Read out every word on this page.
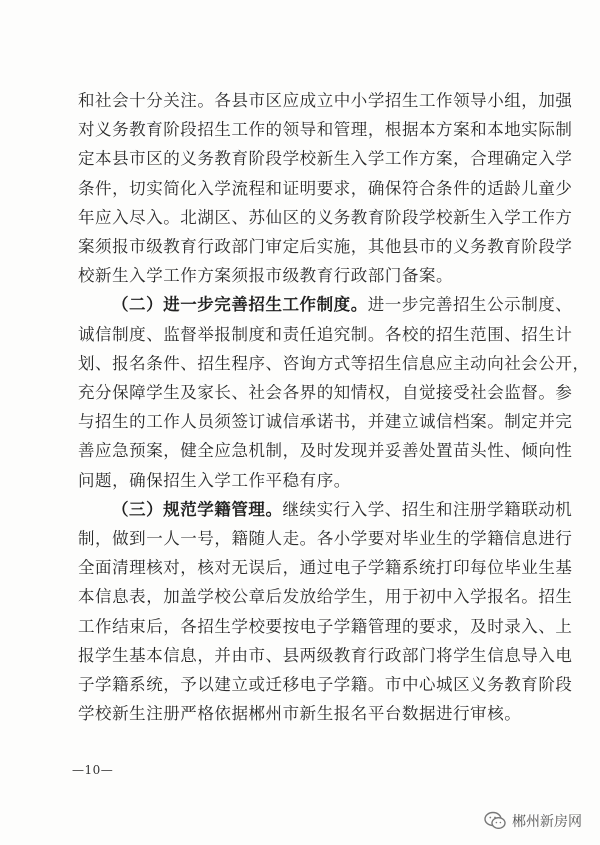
和社会十分关注。各县市区应成立中小学招生工作领导小组，加强
对义务教育阶段招生工作的领导和管理，根据本方案和本地实际制
定本县市区的义务教育阶段学校新生入学工作方案，合理确定入学
条件，切实简化入学流程和证明要求，确保符合条件的适龄儿童少
年应入尽入。北湖区、苏仙区的义务教育阶段学校新生入学工作方
案须报市级教育行政部门审定后实施，其他县市的义务教育阶段学
校新生入学工作方案须报市级教育行政部门备案。
（二）进一步完善招生工作制度。进一步完善招生公示制度、
诚信制度、监督举报制度和责任追究制。各校的招生范围、招生计
划、报名条件、招生程序、咨询方式等招生信息应主动向社会公开，
充分保障学生及家长、社会各界的知情权，自觉接受社会监督。参
与招生的工作人员须签订诚信承诺书，并建立诚信档案。制定并完
善应急预案，健全应急机制，及时发现并妥善处置苗头性、倾向性
问题，确保招生入学工作平稳有序。
（三）规范学籍管理。继续实行入学、招生和注册学籍联动机
制，做到一人一号，籍随人走。各小学要对毕业生的学籍信息进行
全面清理核对，核对无误后，通过电子学籍系统打印每位毕业生基
本信息表，加盖学校公章后发放给学生，用于初中入学报名。招生
工作结束后，各招生学校要按电子学籍管理的要求，及时录入、上
报学生基本信息，并由市、县两级教育行政部门将学生信息导入电
子学籍系统，予以建立或迁移电子学籍。市中心城区义务教育阶段
学校新生注册严格依据郴州市新生报名平台数据进行审核。
—10—
郴州新房网
